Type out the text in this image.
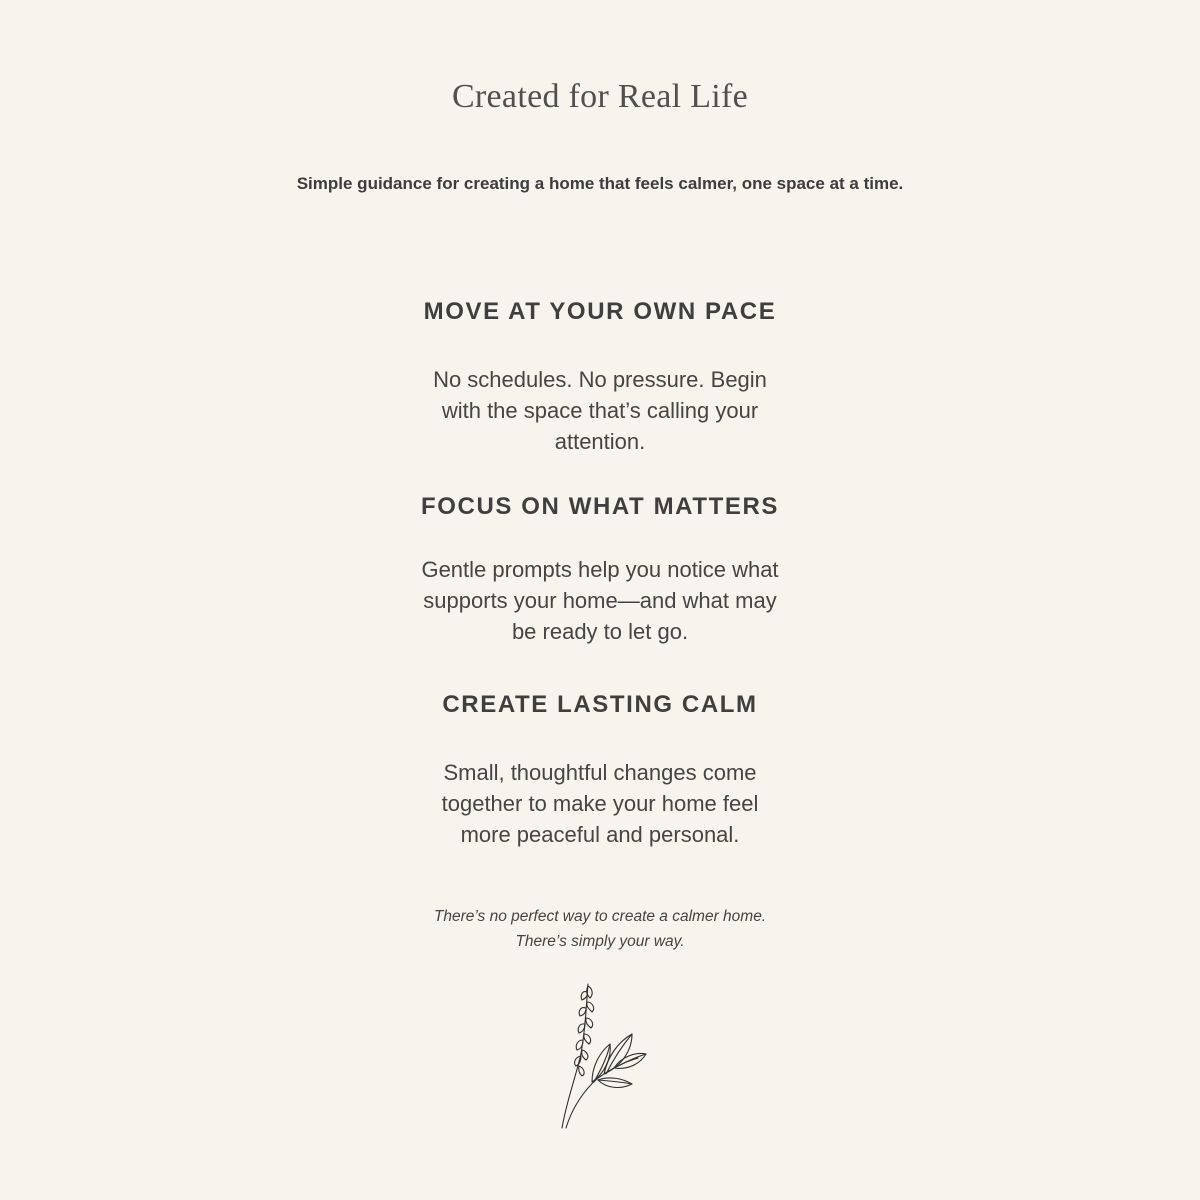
Created for Real Life

Simple guidance for creating a home that feels calmer, one space at a time.

MOVE AT YOUR OWN PACE

No schedules. No pressure. Begin with the space that’s calling your attention.

FOCUS ON WHAT MATTERS

Gentle prompts help you notice what supports your home—and what may be ready to let go.

CREATE LASTING CALM

Small, thoughtful changes come together to make your home feel more peaceful and personal.

There’s no perfect way to create a calmer home.
There’s simply your way.
